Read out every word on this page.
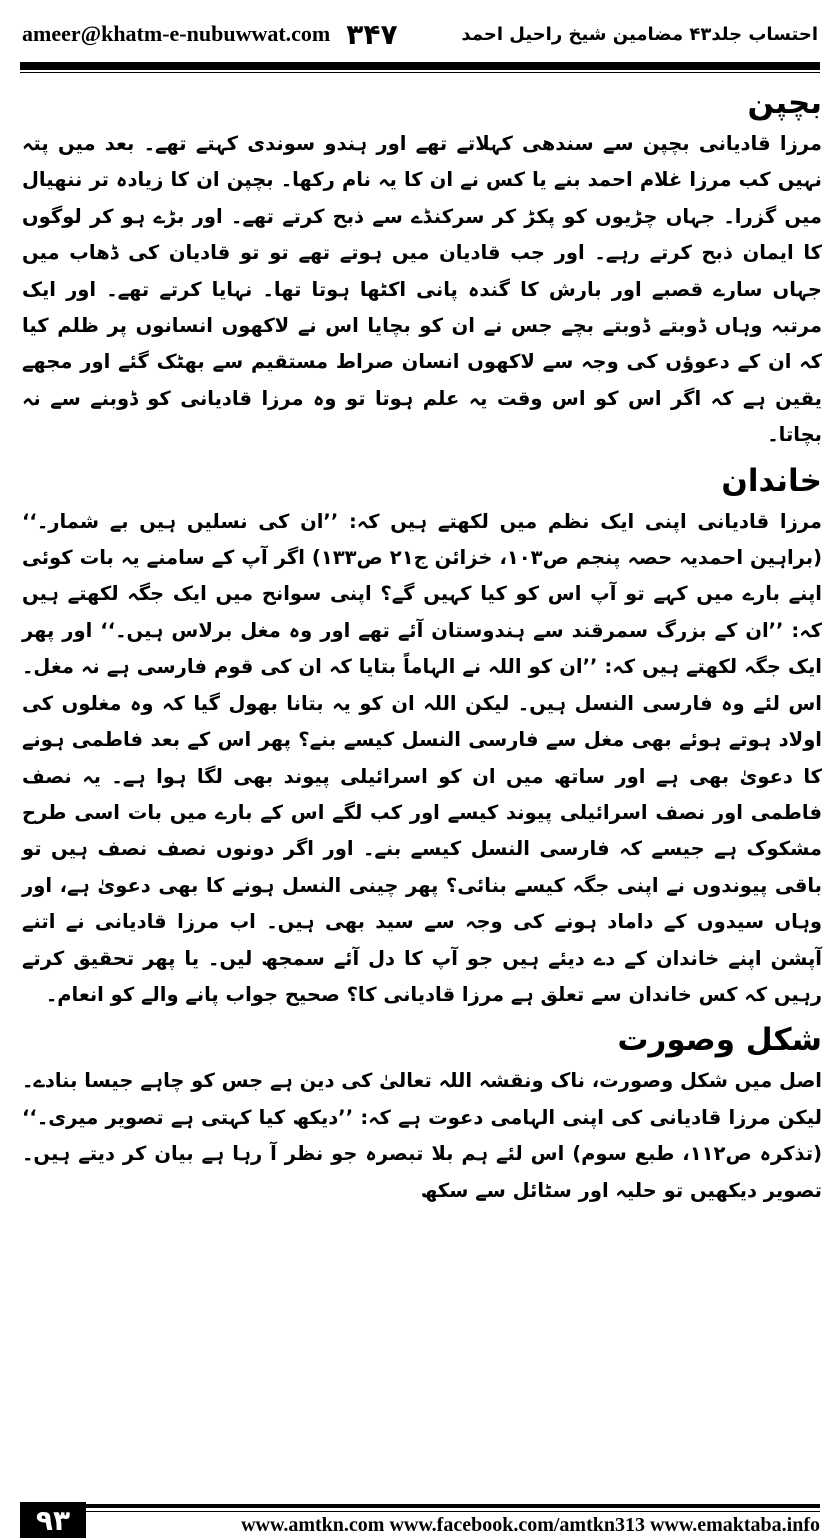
ameer@khatm-e-nubuwwat.com ۳۴۷	احتساب جلد۴۳ مضامین شیخ راحیل احمد
بچپن

مرزا قادیانی بچپن سے سندھی کہلاتے تھے اور ہندو سوندی کہتے تھے۔ بعد میں پتہ نہیں کب مرزا غلام احمد بنے یا کس نے ان کا یہ نام رکھا۔ بچپن ان کا زیادہ تر ننھیال میں گزرا۔ جہاں چڑیوں کو پکڑ کر سرکنڈے سے ذبح کرتے تھے۔ اور بڑے ہو کر لوگوں کا ایمان ذبح کرتے رہے۔ اور جب قادیان میں ہوتے تھے تو تو قادیان کی ڈھاب میں جہاں سارے قصبے اور بارش کا گندہ پانی اکٹھا ہوتا تھا۔ نہایا کرتے تھے۔ اور ایک مرتبہ وہاں ڈوبتے ڈوبتے بچے جس نے ان کو بچایا اس نے لاکھوں انسانوں پر ظلم کیا کہ ان کے دعوؤں کی وجہ سے لاکھوں انسان صراط مستقیم سے بھٹک گئے اور مجھے یقین ہے کہ اگر اس کو اس وقت یہ علم ہوتا تو وہ مرزا قادیانی کو ڈوبنے سے نہ بچاتا۔

خاندان

مرزا قادیانی اپنی ایک نظم میں لکھتے ہیں کہ: ’’ان کی نسلیں ہیں بے شمار۔‘‘ (براہین احمدیہ حصہ پنجم ص۱۰۳، خزائن ج۲۱ ص۱۳۳) اگر آپ کے سامنے یہ بات کوئی اپنے بارے میں کہے تو آپ اس کو کیا کہیں گے؟ اپنی سوانح میں ایک جگہ لکھتے ہیں کہ: ’’ان کے بزرگ سمرقند سے ہندوستان آئے تھے اور وہ مغل برلاس ہیں۔‘‘ اور پھر ایک جگہ لکھتے ہیں کہ: ’’ان کو اللہ نے الہاماً بتایا کہ ان کی قوم فارسی ہے نہ مغل۔ اس لئے وہ فارسی النسل ہیں۔ لیکن اللہ ان کو یہ بتانا بھول گیا کہ وہ مغلوں کی اولاد ہوتے ہوئے بھی مغل سے فارسی النسل کیسے بنے؟ پھر اس کے بعد فاطمی ہونے کا دعویٰ بھی ہے اور ساتھ میں ان کو اسرائیلی پیوند بھی لگا ہوا ہے۔ یہ نصف فاطمی اور نصف اسرائیلی پیوند کیسے اور کب لگے اس کے بارے میں بات اسی طرح مشکوک ہے جیسے کہ فارسی النسل کیسے بنے۔ اور اگر دونوں نصف نصف ہیں تو باقی پیوندوں نے اپنی جگہ کیسے بنائی؟ پھر چینی النسل ہونے کا بھی دعویٰ ہے، اور وہاں سیدوں کے داماد ہونے کی وجہ سے سید بھی ہیں۔ اب مرزا قادیانی نے اتنے آپشن اپنے خاندان کے دے دیئے ہیں جو آپ کا دل آئے سمجھ لیں۔ یا پھر تحقیق کرتے رہیں کہ کس خاندان سے تعلق ہے مرزا قادیانی کا؟ صحیح جواب پانے والے کو انعام۔

شکل وصورت

اصل میں شکل وصورت، ناک ونقشہ اللہ تعالیٰ کی دین ہے جس کو چاہے جیسا بنادے۔ لیکن مرزا قادیانی کی اپنی الہامی دعوت ہے کہ: ’’دیکھ کیا کہتی ہے تصویر میری۔‘‘ (تذکرہ ص۱۱۲، طبع سوم) اس لئے ہم بلا تبصرہ جو نظر آ رہا ہے بیان کر دیتے ہیں۔ تصویر دیکھیں تو حلیہ اور سٹائل سے سکھ

۹۳	www.amtkn.com www.facebook.com/amtkn313 www.emaktaba.info
